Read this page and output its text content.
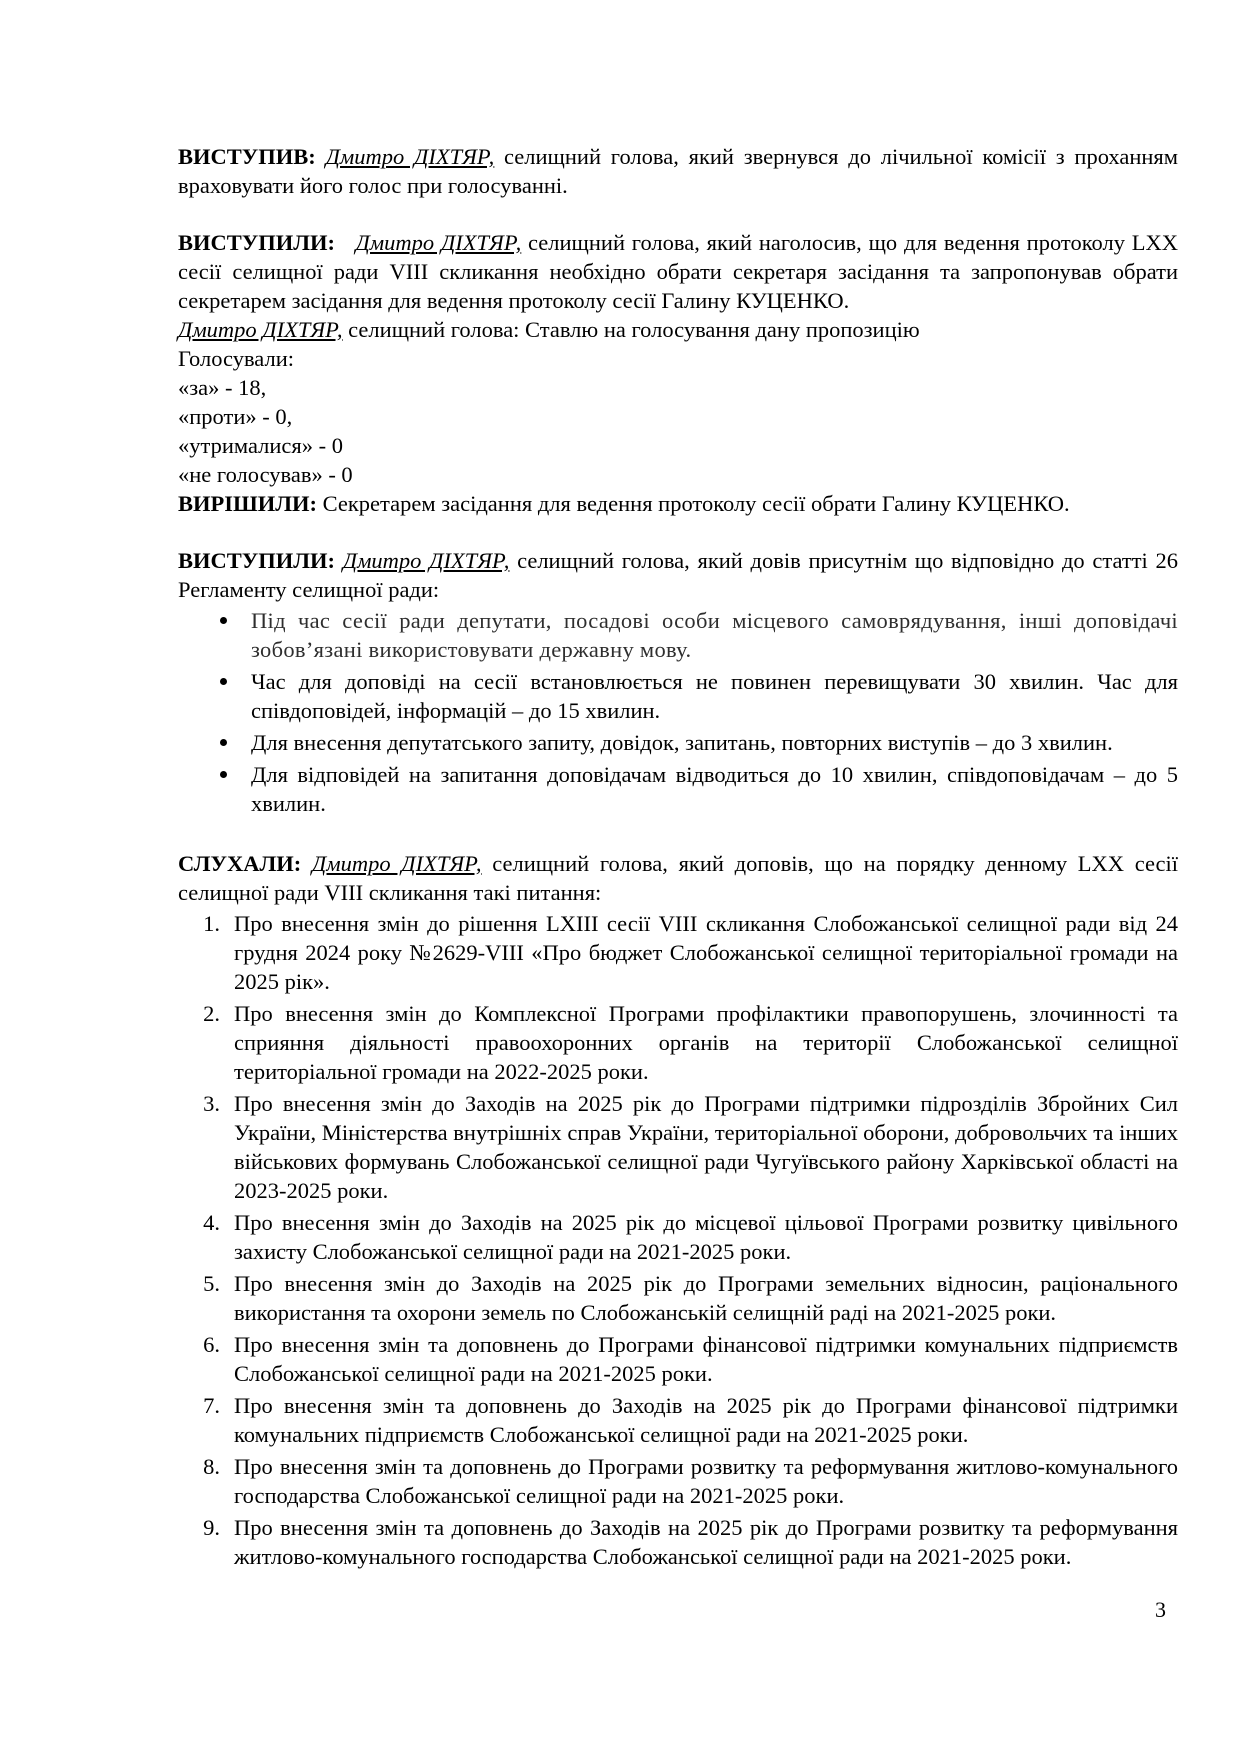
ВИСТУПИВ: Дмитро ДІХТЯР, селищний голова, який звернувся до лічильної комісії з проханням враховувати його голос при голосуванні.

ВИСТУПИЛИ: Дмитро ДІХТЯР, селищний голова, який наголосив, що для ведення протоколу LXX сесії селищної ради VIII скликання необхідно обрати секретаря засідання та запропонував обрати секретарем засідання для ведення протоколу сесії Галину КУЦЕНКО.

Дмитро ДІХТЯР, селищний голова: Ставлю на голосування дану пропозицію

Голосували:
«за» - 18,
«проти» - 0,
«утрималися» - 0
«не голосував» - 0

ВИРІШИЛИ: Секретарем засідання для ведення протоколу сесії обрати Галину КУЦЕНКО.

ВИСТУПИЛИ: Дмитро ДІХТЯР, селищний голова, який довів присутнім що відповідно до статті 26 Регламенту селищної ради:

Під час сесії ради депутати, посадові особи місцевого самоврядування, інші доповідачі зобов’язані використовувати державну мову.
Час для доповіді на сесії встановлюється не повинен перевищувати 30 хвилин. Час для співдоповідей, інформацій – до 15 хвилин.
Для внесення депутатського запиту, довідок, запитань, повторних виступів – до 3 хвилин.
Для відповідей на запитання доповідачам відводиться до 10 хвилин, співдоповідачам – до 5 хвилин.

СЛУХАЛИ: Дмитро ДІХТЯР, селищний голова, який доповів, що на порядку денному LXX сесії селищної ради VIII скликання такі питання:

1. Про внесення змін до рішення LXIII сесії VIII скликання Слобожанської селищної ради від 24 грудня 2024 року №2629-VIII «Про бюджет Слобожанської селищної територіальної громади на 2025 рік».
2. Про внесення змін до Комплексної Програми профілактики правопорушень, злочинності та сприяння діяльності правоохоронних органів на території Слобожанської селищної територіальної громади на 2022-2025 роки.
3. Про внесення змін до Заходів на 2025 рік до Програми підтримки підрозділів Збройних Сил України, Міністерства внутрішніх справ України, територіальної оборони, добровольчих та інших військових формувань Слобожанської селищної ради Чугуївського району Харківської області на 2023-2025 роки.
4. Про внесення змін до Заходів на 2025 рік до місцевої цільової Програми розвитку цивільного захисту Слобожанської селищної ради на 2021-2025 роки.
5. Про внесення змін до Заходів на 2025 рік до Програми земельних відносин, раціонального використання та охорони земель по Слобожанській селищній раді на 2021-2025 роки.
6. Про внесення змін та доповнень до Програми фінансової підтримки комунальних підприємств Слобожанської селищної ради на 2021-2025 роки.
7. Про внесення змін та доповнень до Заходів на 2025 рік до Програми фінансової підтримки комунальних підприємств Слобожанської селищної ради на 2021-2025 роки.
8. Про внесення змін та доповнень до Програми розвитку та реформування житлово-комунального господарства Слобожанської селищної ради на 2021-2025 роки.
9. Про внесення змін та доповнень до Заходів на 2025 рік до Програми розвитку та реформування житлово-комунального господарства Слобожанської селищної ради на 2021-2025 роки.
3
